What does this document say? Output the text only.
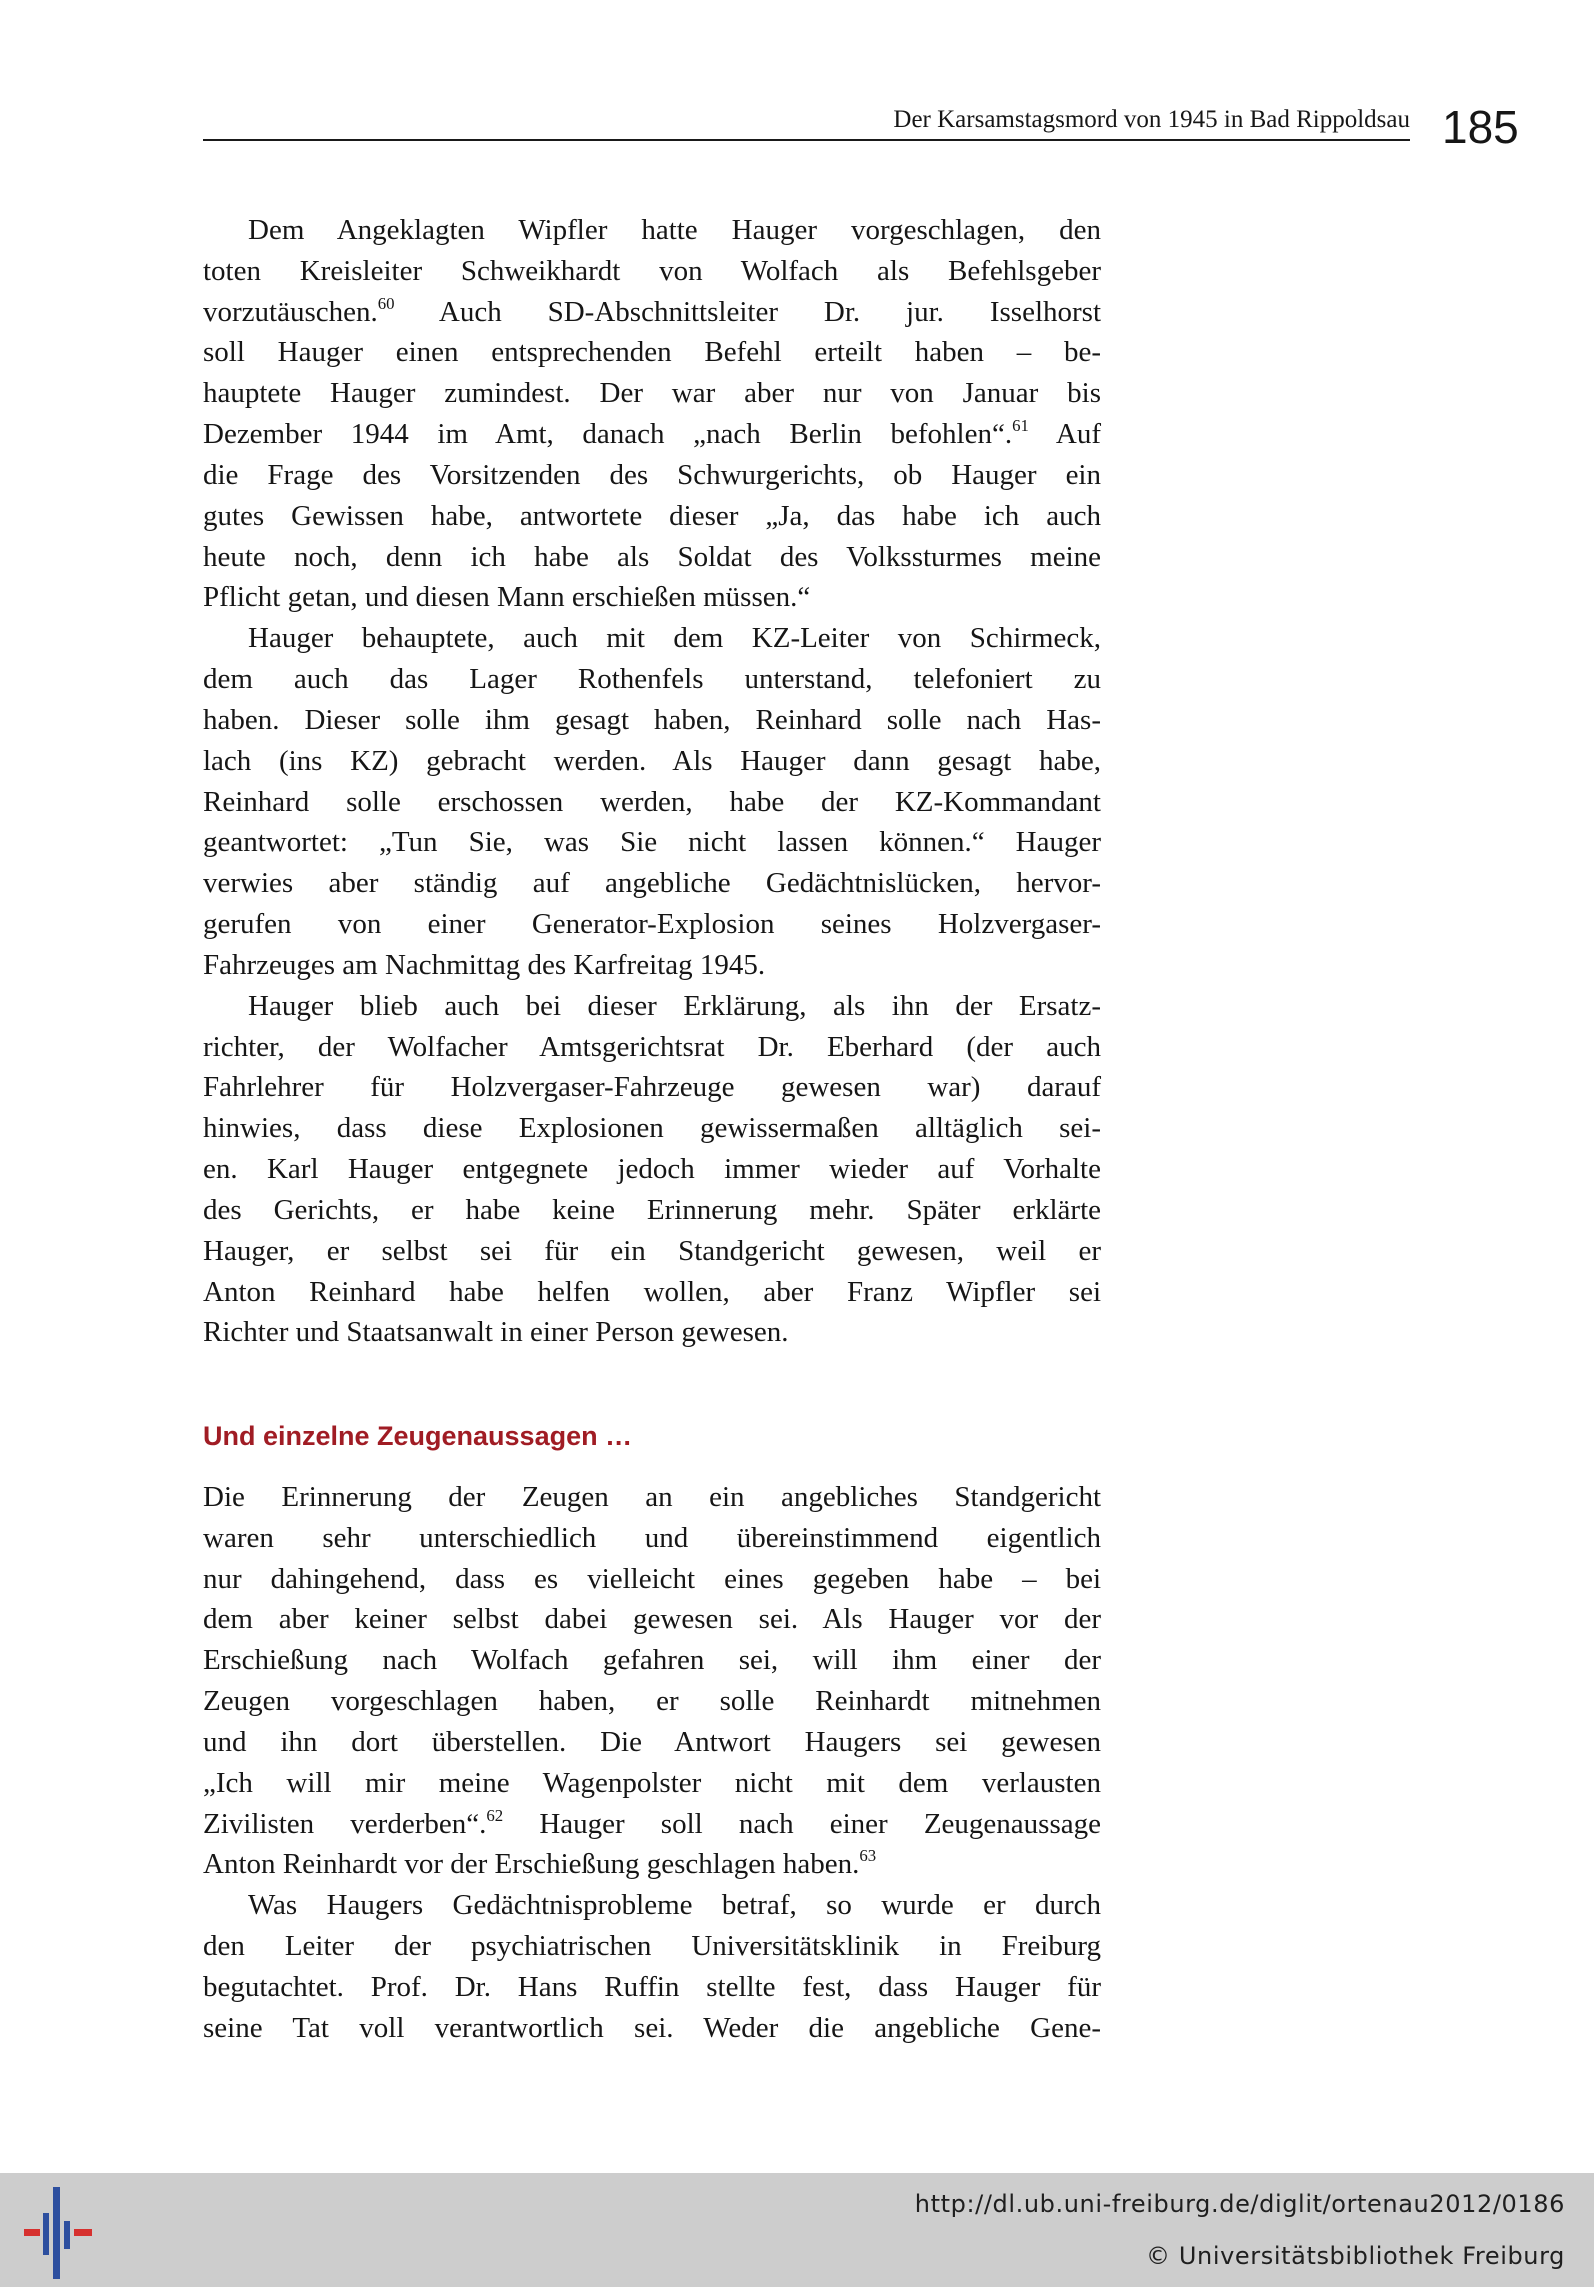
Der Karsamstagsmord von 1945 in Bad Rippoldsau 185
Dem Angeklagten Wipfler hatte Hauger vorgeschlagen, den
toten Kreisleiter Schweikhardt von Wolfach als Befehlsgeber
vorzutäuschen.$^{60}$ Auch SD-Abschnittsleiter Dr. jur. Isselhorst
soll Hauger einen entsprechenden Befehl erteilt haben – be-
hauptete Hauger zumindest. Der war aber nur von Januar bis
Dezember 1944 im Amt, danach „nach Berlin befohlen“.$^{61}$ Auf
die Frage des Vorsitzenden des Schwurgerichts, ob Hauger ein
gutes Gewissen habe, antwortete dieser „Ja, das habe ich auch
heute noch, denn ich habe als Soldat des Volkssturmes meine
Pflicht getan, und diesen Mann erschießen müssen.“
Hauger behauptete, auch mit dem KZ-Leiter von Schirmeck,
dem auch das Lager Rothenfels unterstand, telefoniert zu
haben. Dieser solle ihm gesagt haben, Reinhard solle nach Has-
lach (ins KZ) gebracht werden. Als Hauger dann gesagt habe,
Reinhard solle erschossen werden, habe der KZ-Kommandant
geantwortet: „Tun Sie, was Sie nicht lassen können.“ Hauger
verwies aber ständig auf angebliche Gedächtnislücken, hervor-
gerufen von einer Generator-Explosion seines Holzvergaser-
Fahrzeuges am Nachmittag des Karfreitag 1945.
Hauger blieb auch bei dieser Erklärung, als ihn der Ersatz-
richter, der Wolfacher Amtsgerichtsrat Dr. Eberhard (der auch
Fahrlehrer für Holzvergaser-Fahrzeuge gewesen war) darauf
hinwies, dass diese Explosionen gewissermaßen alltäglich sei-
en. Karl Hauger entgegnete jedoch immer wieder auf Vorhalte
des Gerichts, er habe keine Erinnerung mehr. Später erklärte
Hauger, er selbst sei für ein Standgericht gewesen, weil er
Anton Reinhard habe helfen wollen, aber Franz Wipfler sei
Richter und Staatsanwalt in einer Person gewesen.
Und einzelne Zeugenaussagen …
Die Erinnerung der Zeugen an ein angebliches Standgericht
waren sehr unterschiedlich und übereinstimmend eigentlich
nur dahingehend, dass es vielleicht eines gegeben habe – bei
dem aber keiner selbst dabei gewesen sei. Als Hauger vor der
Erschießung nach Wolfach gefahren sei, will ihm einer der
Zeugen vorgeschlagen haben, er solle Reinhardt mitnehmen
und ihn dort überstellen. Die Antwort Haugers sei gewesen
„Ich will mir meine Wagenpolster nicht mit dem verlausten
Zivilisten verderben“.$^{62}$ Hauger soll nach einer Zeugenaussage
Anton Reinhardt vor der Erschießung geschlagen haben.$^{63}$
Was Haugers Gedächtnisprobleme betraf, so wurde er durch
den Leiter der psychiatrischen Universitätsklinik in Freiburg
begutachtet. Prof. Dr. Hans Ruffin stellte fest, dass Hauger für
seine Tat voll verantwortlich sei. Weder die angebliche Gene-
http://dl.ub.uni-freiburg.de/diglit/ortenau2012/0186
© Universitätsbibliothek Freiburg
